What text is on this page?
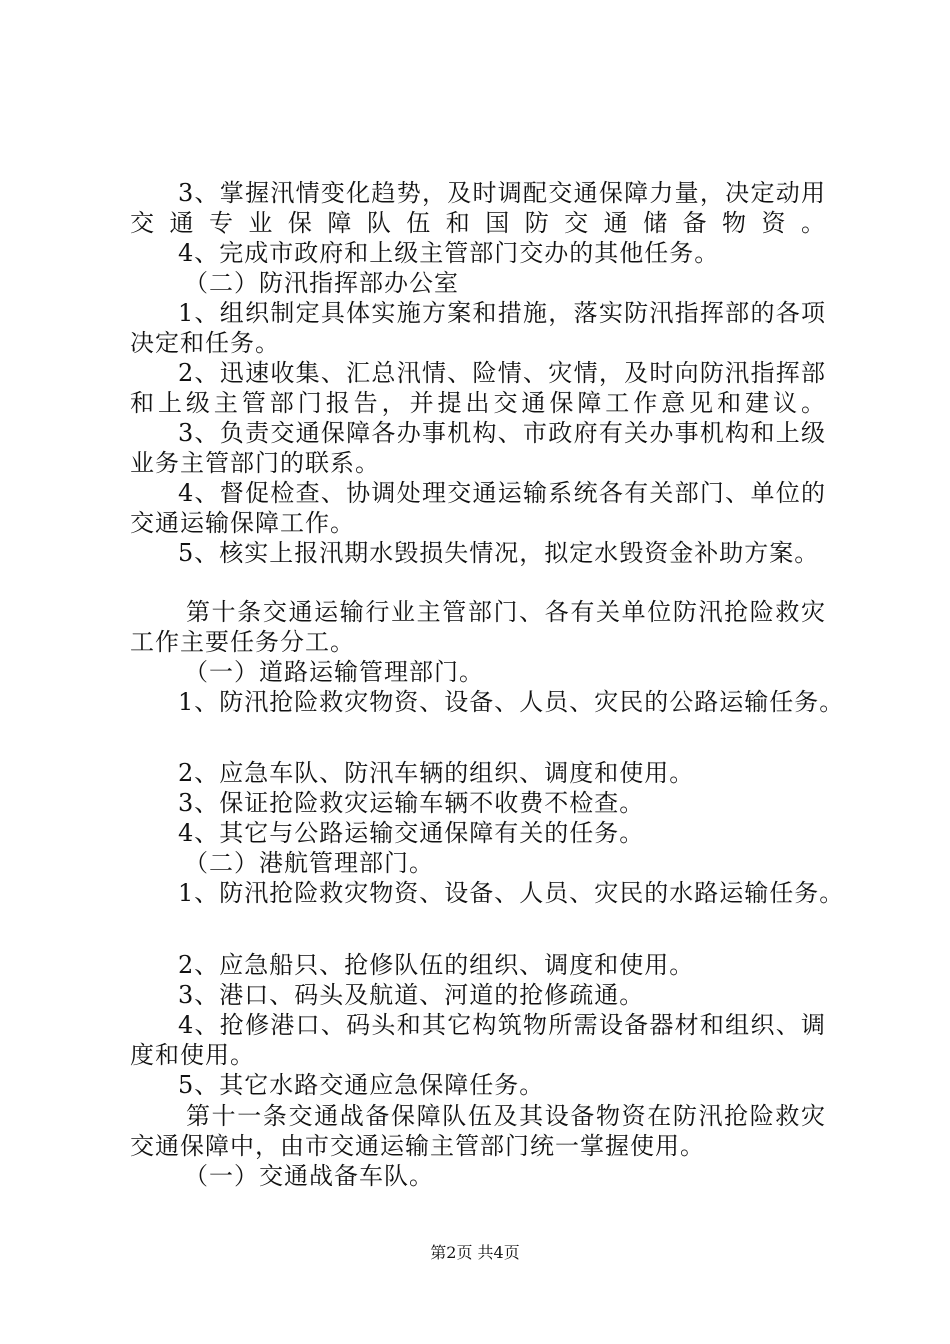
3、掌握汛情变化趋势，及时调配交通保障力量，决定动用
交通专业保障队伍和国防交通储备物资。
4、完成市政府和上级主管部门交办的其他任务。
（二）防汛指挥部办公室
1、组织制定具体实施方案和措施，落实防汛指挥部的各项
决定和任务。
2、迅速收集、汇总汛情、险情、灾情，及时向防汛指挥部
和上级主管部门报告，并提出交通保障工作意见和建议。
3、负责交通保障各办事机构、市政府有关办事机构和上级
业务主管部门的联系。
4、督促检查、协调处理交通运输系统各有关部门、单位的
交通运输保障工作。
5、核实上报汛期水毁损失情况，拟定水毁资金补助方案。
第十条交通运输行业主管部门、各有关单位防汛抢险救灾
工作主要任务分工。
（一）道路运输管理部门。
1、防汛抢险救灾物资、设备、人员、灾民的公路运输任务。
2、应急车队、防汛车辆的组织、调度和使用。
3、保证抢险救灾运输车辆不收费不检查。
4、其它与公路运输交通保障有关的任务。
（二）港航管理部门。
1、防汛抢险救灾物资、设备、人员、灾民的水路运输任务。
2、应急船只、抢修队伍的组织、调度和使用。
3、港口、码头及航道、河道的抢修疏通。
4、抢修港口、码头和其它构筑物所需设备器材和组织、调
度和使用。
5、其它水路交通应急保障任务。
第十一条交通战备保障队伍及其设备物资在防汛抢险救灾
交通保障中，由市交通运输主管部门统一掌握使用。
（一）交通战备车队。
第2页 共4页
